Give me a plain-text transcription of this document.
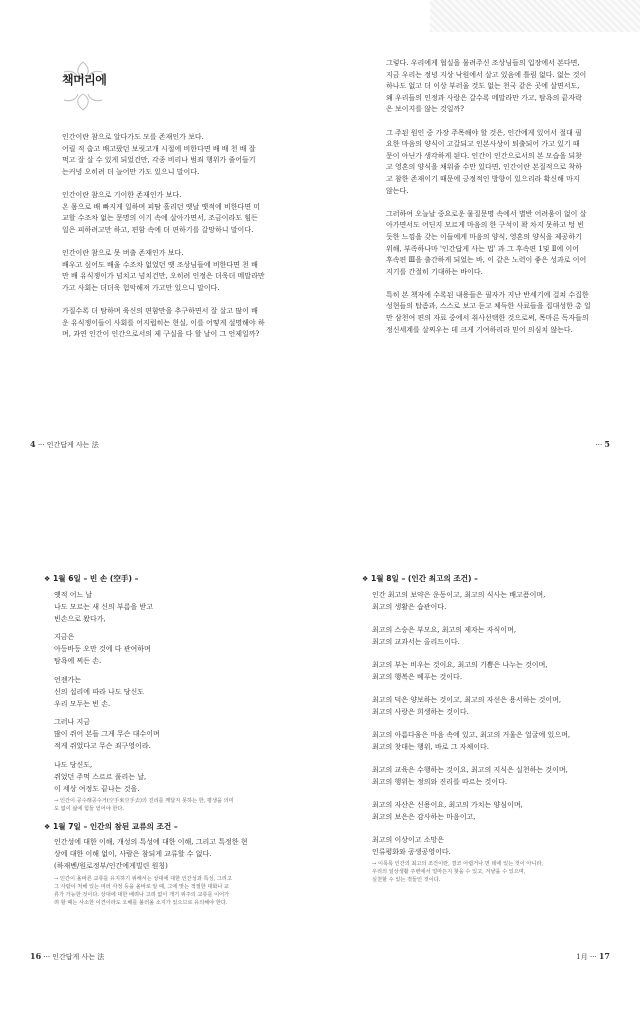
책머리에

인간이란 참으로 알다가도 모를 존재인가 보다.
어릴 적 춥고 배고팠던 보릿고개 시절에 비한다면 배 배 천 배 잘
먹고 잘 살 수 있게 되었건만, 각종 비리나 범죄 행위가 줄어들기
는커녕 오히려 더 늘어만 가도 있으니 말이다.

인간이란 참으로 기이한 존재인가 보다.
온 몸으로 배 빠지게 일하며 피땀 흘리던 옛날 옛적에 비한다면 미
교할 수조차 없는 문명의 이기 속에 살아가면서, 조금이라도 힘든
일은 피하려고만 하고, 편함 속에 더 편하기를 갈망하니 말이다.

인간이란 참으로 못 버출 존재인가 보다.
배우고 싶어도 배울 수조차 없었던 옛 조상님들에 비한다면 천 배
만 배 유식쟁이가 넘치고 넘치건만, 오히려 인정은 더욱더 메말라만
가고 사회는 더더욱 험악해져 가고만 있으니 말이다.

가질수록 더 탐하며 육신의 편함만을 추구하면서 잘 살고 많이 배
운 유식쟁이들이 사회를 어지럽히는 현실, 이를 어떻게 설명해야 하
며, 과연 인간이 인간으로서의 제 구실을 다 할 날이 그 언제일까?

그렇다. 우리에게 협실을 물려주신 조상님들의 입장에서 본다면,
지금 우리는 정녕 지상 낙원에서 살고 있음에 틀림 없다. 없는 것이
하나도 없고 더 이상 부러울 것도 없는 천국 같은 곳에 살면서도,
왜 우리들의 인정과 사랑은 갈수록 메말라만 가고, 탐욕의 끝자락
은 보이지를 않는 것일까?

그 주된 원인 중 가장 주목해야 할 것은, 인간에게 있어서 절대 필
요한 마음의 양식이 고갈되고 인본사상이 퇴출되어 가고 있기 때
문이 아닌가 생각하게 된다. 인간이 인간으로서의 본 모습을 되찾
고 영혼의 양식을 채워줄 수만 있다면, 인간이란 본질적으로 착하
고 참한 존재이기 때문에 긍정적인 방향이 있으리라 확신해 마지
않는다.

그러하여 오늘날 중요로운 물질문명 속에서 별반 어려움이 없이 살
아가면서도 어딘지 모르게 마음의 한 구석이 꽉 차지 못하고 텅 빈
듯한 느낌을 갖는 이들에게 마음의 양식, 영혼의 양식을 제공하기
위해, 부족하나마 '인간답게 사는 법' 과 그 후속편 1및 Ⅱ에 이어
후속편 Ⅲ을 출간하게 되었는 바, 이 같은 노력이 좋은 성과로 이어
지기를 간절히 기대하는 바이다.

특히 본 책자에 수록된 내용들은 필자가 지난 반세기에 걸쳐 수집한
성현들의 탑좀과, 스스로 보고 듣고 체득한 사료들을 집대성한 총 일
만 삼천여 편의 자료 중에서 취사선택한 것으로써, 목마른 독자들의
정신세계를 살찌우는 데 크게 기여하리라 믿어 의심치 않는다.

4 ··· 인간답게 사는 法	··· 5
❖ 1월 6일 – 빈 손 (空手) –
옛적 어느 날
나도 모르는 새 신의 부름을 받고
빈손으로 왔다가,
지금은
아등바등 오만 것에 다 관여하며
탐욕에 찌든 손.
언젠가는
신의 섭리에 따라 나도 당신도
우리 모두는 빈 손.
그러나 지금
많이 쥐어 본들 그게 무슨 대수이며
적게 쥐었다고 무슨 죄구영이라.
나도 당신도,
쥐었던 주먹 스르르 풀리는 날,
이 세상 여정도 끝나는 것을.
→ 인간이 공수래공수거(空手來空手去)의 진리를 깨달지 못하는 한, 평생을 의미
도 없이 삶에 힘들 얻어야 한다.
❖ 1월 7일 – 인간의 참된 교류의 조건 –
인간성에 대한 이해, 개성의 특성에 대한 이해, 그리고 특정한 현
상에 대한 이해 없이, 사람은 참되게 교류할 수 없다.
(하재벤/원로정부/인간에게빌린 원칭)
→ 인간이 올바른 교류를 유지하기 위해서는 상대에 대한 인간성과 특성, 그리고
그 사람이 처해 있는 여러 사정 등을 올바로 알 때, 그에 맞는 적절한 대화나 교
류가 가능한 것이다. 상대에 대한 배려나 고려 없이 개기 위주의 교류를 이어가
려 할 때는 사소한 이견이라도 오해를 불러올 소지가 있으므로 유의해야 한다.
❖ 1월 8일 – (인간 최고의 조건) –
인간 최고의 보약은 운동이고, 최고의 식사는 배고픔이며,
최고의 생활은 습관이다.
최고의 스승은 부모요, 최고의 제자는 자식이며,
최고의 교과서는 올리드이다.
최고의 부는 비우는 것이요, 최고의 기쁨은 나누는 것이며,
최고의 행복은 베푸는 것이다.
최고의 덕은 양보하는 것이고, 최고의 자선은 용서하는 것이며,
최고의 사랑은 희생하는 것이다.
최고의 아름다움은 마음 속에 있고, 최고의 거울은 얼굴에 있으며,
최고의 찻대는 행위, 바로 그 자체이다.
최고의 교육은 수행하는 것이요, 최고의 지식은 실천하는 것이며,
최고의 행위는 정의와 진리를 따르는 것이다.
최고의 자산은 신용이요, 최고의 가치는 양심이며,
최고의 보은은 감사하는 마음이고,
최고의 이상이고 소망은
인류평화와 공생공영이다.
→ 이목록 인간의 최고의 조건이란, 결코 어렵거나 먼 데에 있는 것이 아니라,
우리의 일상생활 주변에서 얼마든지 찾을 수 있고, 겨냥을 수 있으며,
실천할 수 있는 것들인 것이다.
16 ··· 인간답게 사는 法	1月 ··· 17
